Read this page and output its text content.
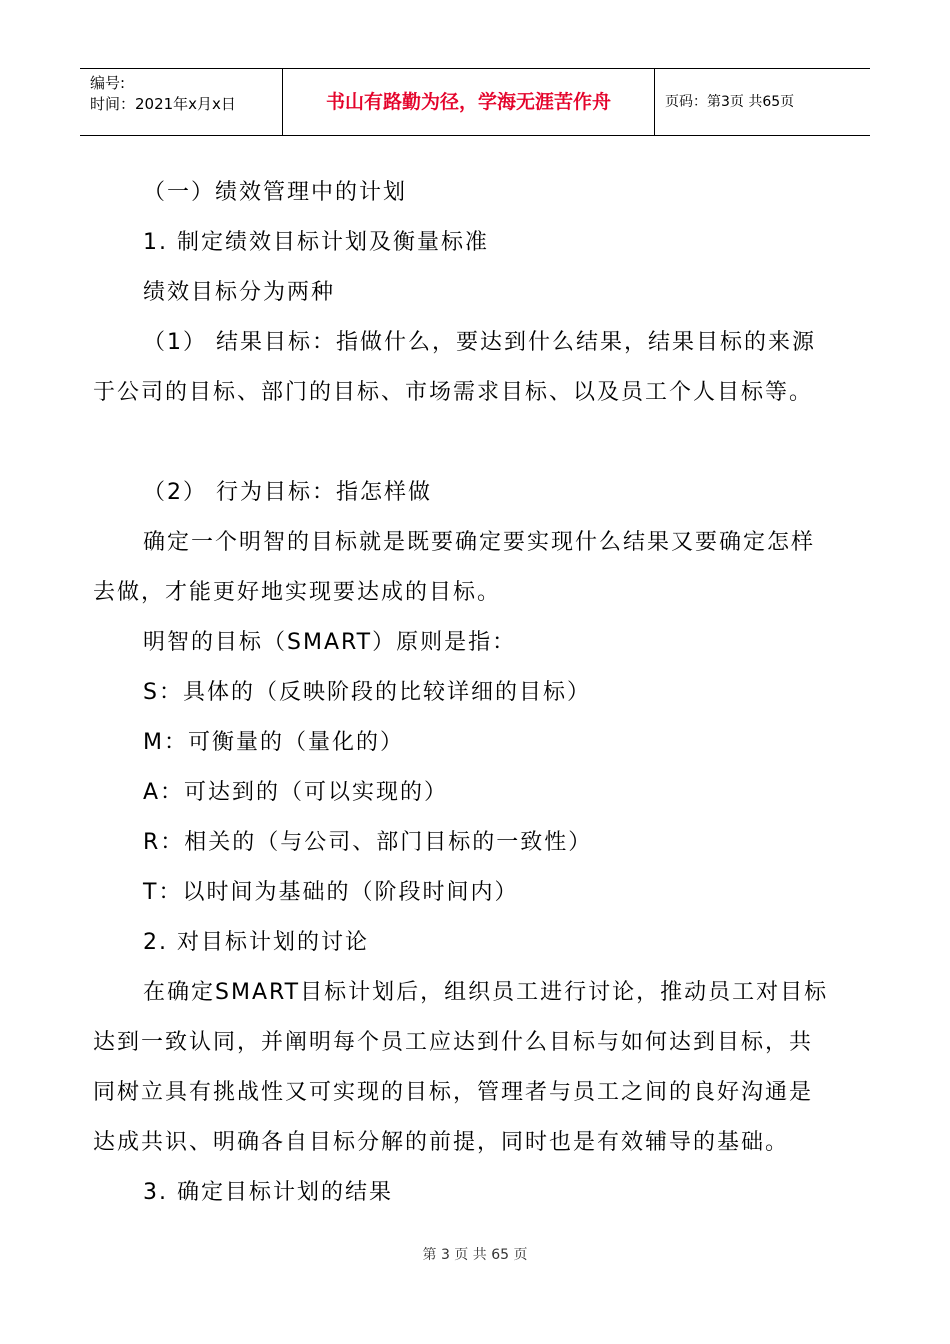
编号:
时间：2021年x月x日	书山有路勤为径，学海无涯苦作舟	页码：第3页 共65页

（一）绩效管理中的计划

1. 制定绩效目标计划及衡量标准

绩效目标分为两种

（1） 结果目标：指做什么，要达到什么结果，结果目标的来源

于公司的目标、部门的目标、市场需求目标、以及员工个人目标等。

（2） 行为目标：指怎样做

确定一个明智的目标就是既要确定要实现什么结果又要确定怎样

去做，才能更好地实现要达成的目标。

明智的目标（SMART）原则是指：

S：具体的（反映阶段的比较详细的目标）

M：可衡量的（量化的）

A：可达到的（可以实现的）

R：相关的（与公司、部门目标的一致性）

T：以时间为基础的（阶段时间内）

2. 对目标计划的讨论

在确定SMART目标计划后，组织员工进行讨论，推动员工对目标

达到一致认同，并阐明每个员工应达到什么目标与如何达到目标，共

同树立具有挑战性又可实现的目标，管理者与员工之间的良好沟通是

达成共识、明确各自目标分解的前提，同时也是有效辅导的基础。

3. 确定目标计划的结果

第 3 页 共 65 页
